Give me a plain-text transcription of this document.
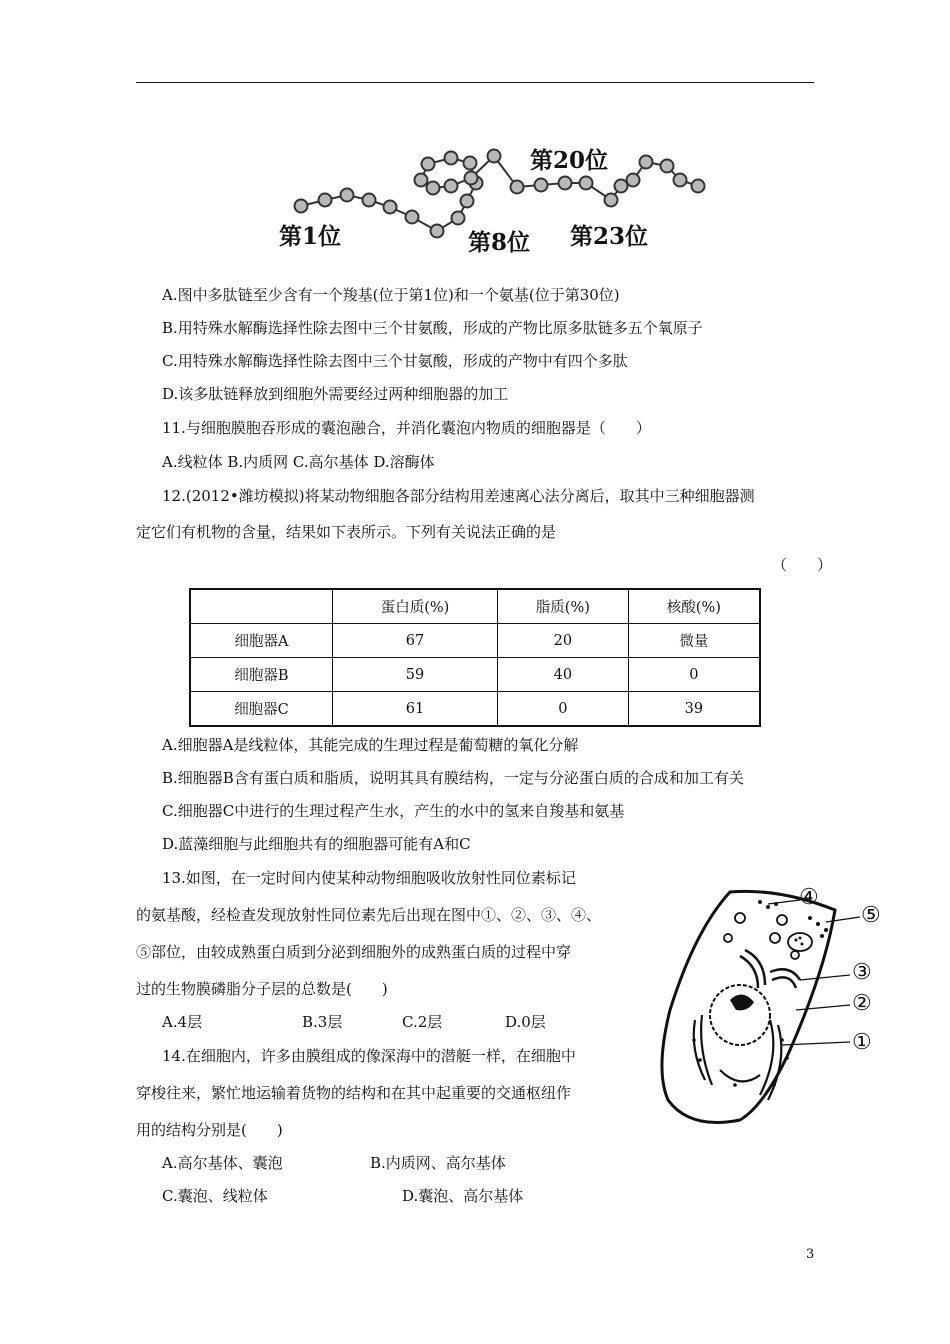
第1位	第8位
第20位
第23位
A.图中多肽链至少含有一个羧基(位于第1位)和一个氨基(位于第30位)
B.用特殊水解酶选择性除去图中三个甘氨酸，形成的产物比原多肽链多五个氧原子
C.用特殊水解酶选择性除去图中三个甘氨酸，形成的产物中有四个多肽
D.该多肽链释放到细胞外需要经过两种细胞器的加工
11.与细胞膜胞吞形成的囊泡融合，并消化囊泡内物质的细胞器是（　　）
A.线粒体 B.内质网 C.高尔基体 D.溶酶体
12.(2012•潍坊模拟)将某动物细胞各部分结构用差速离心法分离后，取其中三种细胞器测
定它们有机物的含量，结果如下表所示。下列有关说法正确的是
（　　）
	蛋白质(%)	脂质(%)	核酸(%)
细胞器A	67	20	微量
细胞器B	59	40	0
细胞器C	61	0	39
A.细胞器A是线粒体，其能完成的生理过程是葡萄糖的氧化分解
B.细胞器B含有蛋白质和脂质，说明其具有膜结构，一定与分泌蛋白质的合成和加工有关
C.细胞器C中进行的生理过程产生水，产生的水中的氢来自羧基和氨基
D.蓝藻细胞与此细胞共有的细胞器可能有A和C
13.如图，在一定时间内使某种动物细胞吸收放射性同位素标记
的氨基酸，经检查发现放射性同位素先后出现在图中①、②、③、④、
⑤部位，由较成熟蛋白质到分泌到细胞外的成熟蛋白质的过程中穿
过的生物膜磷脂分子层的总数是(　　)
A.4层	B.3层	C.2层	D.0层
④
⑤
③
②
①
14.在细胞内，许多由膜组成的像深海中的潜艇一样，在细胞中
穿梭往来，繁忙地运输着货物的结构和在其中起重要的交通枢纽作
用的结构分别是(　　)
A.高尔基体、囊泡	B.内质网、高尔基体
C.囊泡、线粒体	D.囊泡、高尔基体
3
